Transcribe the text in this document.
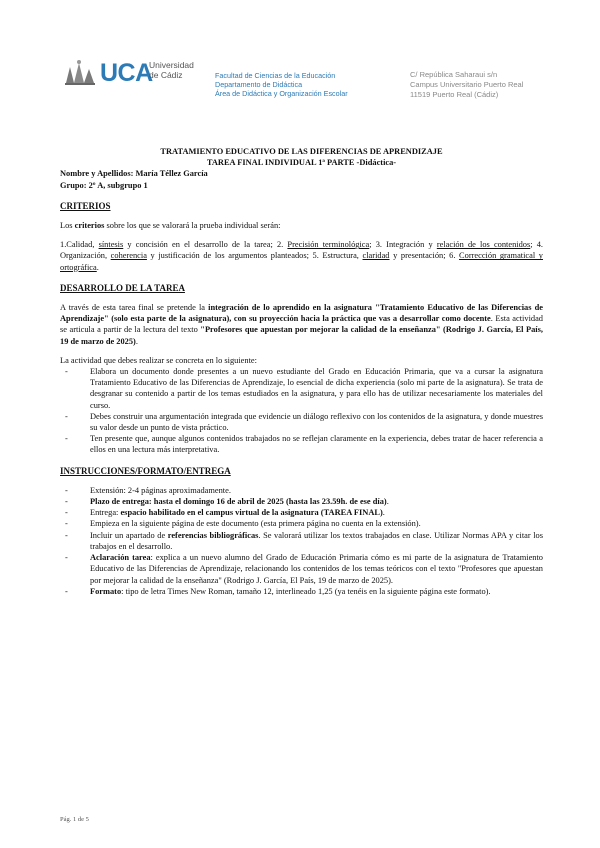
UCA
Universidad
de Cádiz	Facultad de Ciencias de la Educación
Departamento de Didáctica
Área de Didáctica y Organización Escolar
C/ República Saharaui s/n
Campus Universitario Puerto Real
11519 Puerto Real (Cádiz)

TRATAMIENTO EDUCATIVO DE LAS DIFERENCIAS DE APRENDIZAJE

TAREA FINAL INDIVIDUAL 1ª PARTE -Didáctica-

Nombre y Apellidos: María Téllez García

Grupo: 2º A, subgrupo 1

CRITERIOS

Los criterios sobre los que se valorará la prueba individual serán:

1.Calidad, síntesis y concisión en el desarrollo de la tarea; 2. Precisión terminológica; 3. Integración y relación de los contenidos; 4. Organización, coherencia y justificación de los argumentos planteados; 5. Estructura, claridad y presentación; 6. Corrección gramatical y ortográfica.

DESARROLLO DE LA TAREA

A través de esta tarea final se pretende la integración de lo aprendido en la asignatura "Tratamiento Educativo de las Diferencias de Aprendizaje" (solo esta parte de la asignatura), con su proyección hacia la práctica que vas a desarrollar como docente. Esta actividad se articula a partir de la lectura del texto "Profesores que apuestan por mejorar la calidad de la enseñanza" (Rodrigo J. García, El País, 19 de marzo de 2025).

La actividad que debes realizar se concreta en lo siguiente:

- Elabora un documento donde presentes a un nuevo estudiante del Grado en Educación Primaria, que va a cursar la asignatura Tratamiento Educativo de las Diferencias de Aprendizaje, lo esencial de dicha experiencia (solo mi parte de la asignatura). Se trata de desgranar su contenido a partir de los temas estudiados en la asignatura, y para ello has de utilizar necesariamente los materiales del curso.
- Debes construir una argumentación integrada que evidencie un diálogo reflexivo con los contenidos de la asignatura, y donde muestres su valor desde un punto de vista práctico.
- Ten presente que, aunque algunos contenidos trabajados no se reflejan claramente en la experiencia, debes tratar de hacer referencia a ellos en una lectura más interpretativa.
INSTRUCCIONES/FORMATO/ENTREGA
- Extensión: 2-4 páginas aproximadamente.
- Plazo de entrega: hasta el domingo 16 de abril de 2025 (hasta las 23.59h. de ese día).
- Entrega: espacio habilitado en el campus virtual de la asignatura (TAREA FINAL).
- Empieza en la siguiente página de este documento (esta primera página no cuenta en la extensión).
- Incluir un apartado de referencias bibliográficas. Se valorará utilizar los textos trabajados en clase. Utilizar Normas APA y citar los trabajos en el desarrollo.
- Aclaración tarea: explica a un nuevo alumno del Grado de Educación Primaria cómo es mi parte de la asignatura de Tratamiento Educativo de las Diferencias de Aprendizaje, relacionando los contenidos de los temas teóricos con el texto "Profesores que apuestan por mejorar la calidad de la enseñanza" (Rodrigo J. García, El País, 19 de marzo de 2025).
- Formato: tipo de letra Times New Roman, tamaño 12, interlineado 1,25 (ya tenéis en la siguiente página este formato).
Pág. 1 de 5
